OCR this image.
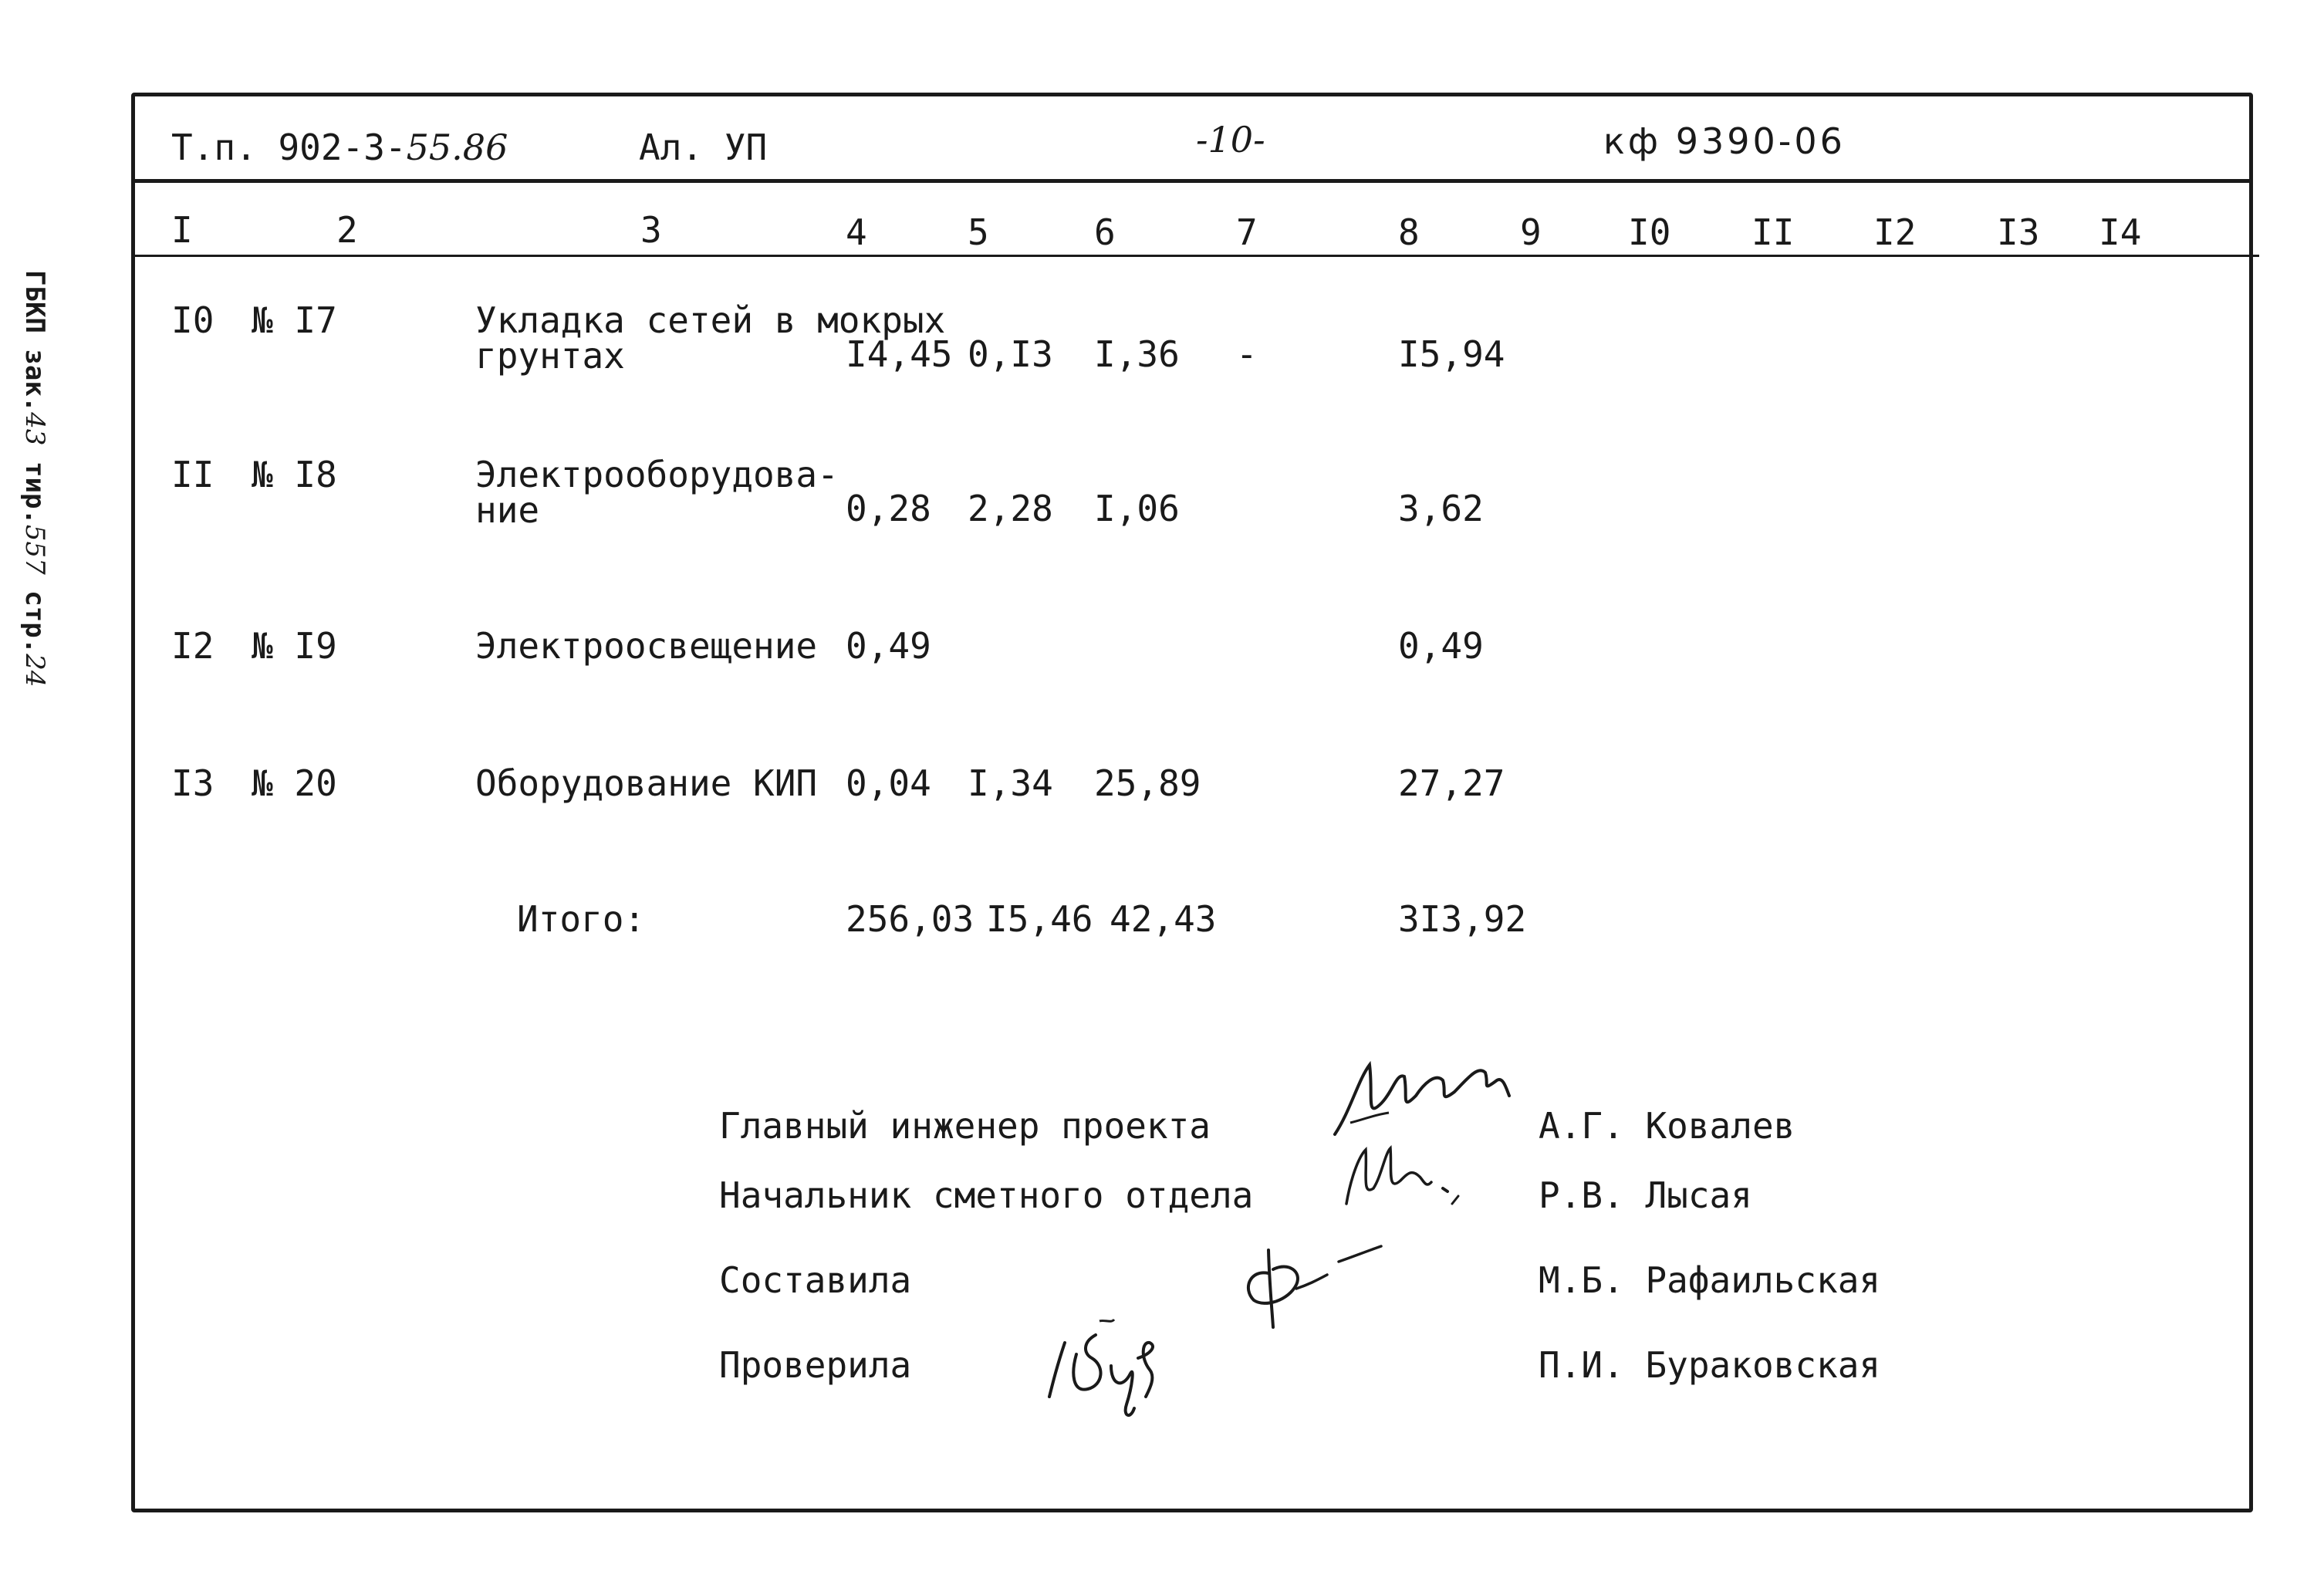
ГБКП зак.43 тир.557 стр.24
Т.п. 902-3-55.86	Ал. УП	-10-	кф 9390-06
I	2	3	4	5	6	7	8	9 I0 II I2 I3 I4
I0 № I7	Укладка сетей в мокрых
грунтах	I4,45 0,I3 I,36 -	I5,94
II № I8	Электрооборудова-
ние	0,28 2,28 I,06	3,62
I2 № I9	Электроосвещение 0,49	0,49
I3 № 20	Оборудование КИП 0,04 I,34 25,89	27,27
Итого:	256,03 I5,46 42,43	3I3,92
Главный инженер проекта	А.Г. Ковалев
Начальник сметного отдела	Р.В. Лысая
Составила	М.Б. Рафаильская
Проверила	П.И. Бураковская
